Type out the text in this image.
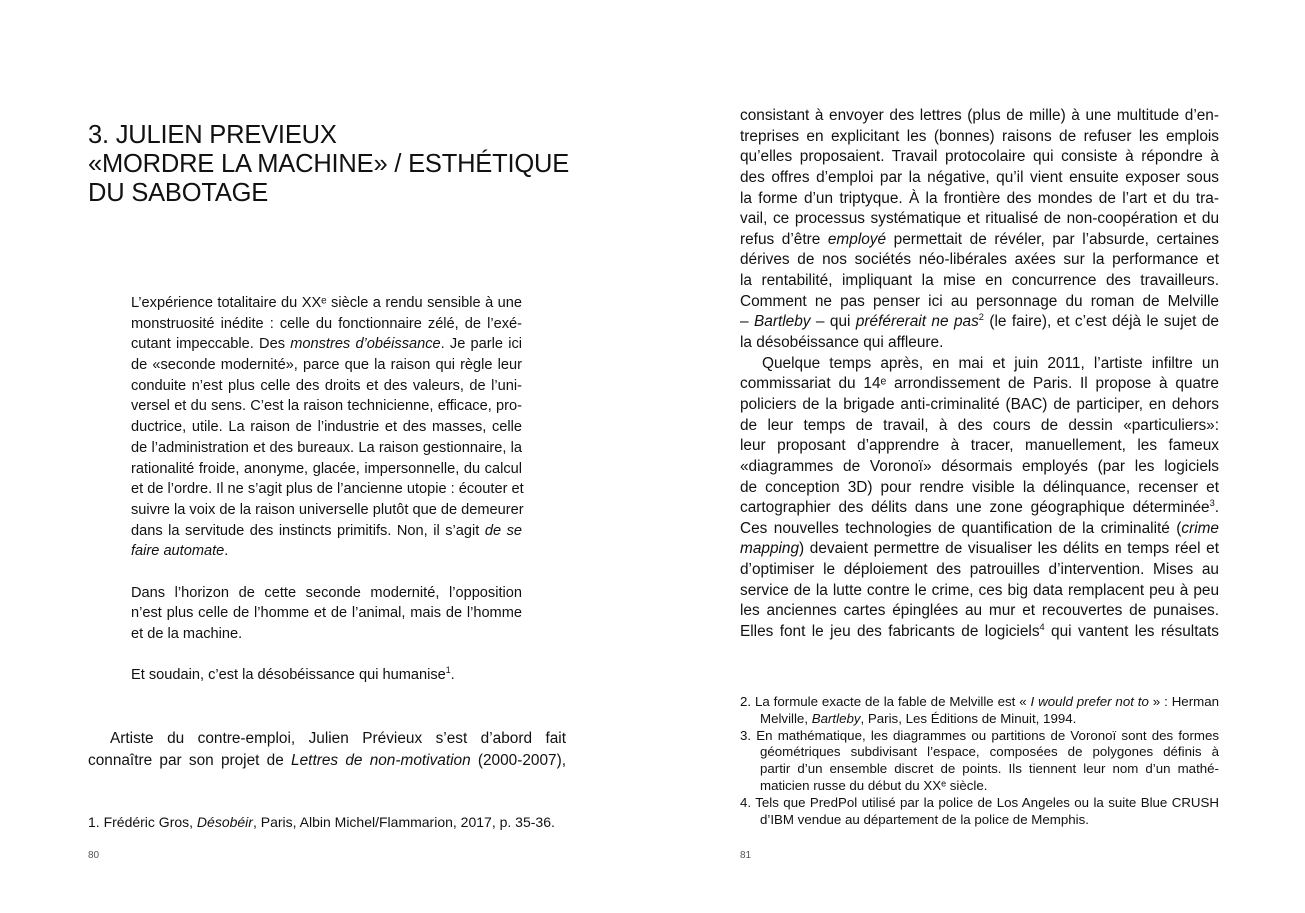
3. JULIEN PREVIEUX
«MORDRE LA MACHINE» / ESTHÉTIQUE
DU SABOTAGE
L’expérience totalitaire du XXᵉ siècle a rendu sensible à une
monstruosité inédite : celle du fonctionnaire zélé, de l’exé-
cutant impeccable. Des monstres d’obéissance. Je parle ici
de «seconde modernité», parce que la raison qui règle leur
conduite n’est plus celle des droits et des valeurs, de l’uni-
versel et du sens. C’est la raison technicienne, efficace, pro-
ductrice, utile. La raison de l’industrie et des masses, celle
de l’administration et des bureaux. La raison gestionnaire, la
rationalité froide, anonyme, glacée, impersonnelle, du calcul
et de l’ordre. Il ne s’agit plus de l’ancienne utopie : écouter et
suivre la voix de la raison universelle plutôt que de demeurer
dans la servitude des instincts primitifs. Non, il s’agit de se
faire automate.
Dans l’horizon de cette seconde modernité, l’opposition
n’est plus celle de l’homme et de l’animal, mais de l’homme
et de la machine.
Et soudain, c’est la désobéissance qui humanise$^1$.
Artiste du contre-emploi, Julien Prévieux s’est d’abord fait
connaître par son projet de Lettres de non-motivation (2000-2007),
1. Frédéric Gros, Désobéir, Paris, Albin Michel/Flammarion, 2017, p. 35-36.
80
consistant à envoyer des lettres (plus de mille) à une multitude d’en-
treprises en explicitant les (bonnes) raisons de refuser les emplois
qu’elles proposaient. Travail protocolaire qui consiste à répondre à
des offres d’emploi par la négative, qu’il vient ensuite exposer sous
la forme d’un triptyque. À la frontière des mondes de l’art et du tra-
vail, ce processus systématique et ritualisé de non-coopération et du
refus d’être employé permettait de révéler, par l’absurde, certaines
dérives de nos sociétés néo-libérales axées sur la performance et
la rentabilité, impliquant la mise en concurrence des travailleurs.
Comment ne pas penser ici au personnage du roman de Melville
– Bartleby – qui préférerait ne pas$^2$ (le faire), et c’est déjà le sujet de
la désobéissance qui affleure.
Quelque temps après, en mai et juin 2011, l’artiste infiltre un
commissariat du 14ᵉ arrondissement de Paris. Il propose à quatre
policiers de la brigade anti-criminalité (BAC) de participer, en dehors
de leur temps de travail, à des cours de dessin «particuliers»:
leur proposant d’apprendre à tracer, manuellement, les fameux
«diagrammes de Voronoï» désormais employés (par les logiciels
de conception 3D) pour rendre visible la délinquance, recenser et
cartographier des délits dans une zone géographique déterminée$^3$.
Ces nouvelles technologies de quantification de la criminalité (crime
mapping) devaient permettre de visualiser les délits en temps réel et
d’optimiser le déploiement des patrouilles d’intervention. Mises au
service de la lutte contre le crime, ces big data remplacent peu à peu
les anciennes cartes épinglées au mur et recouvertes de punaises.
Elles font le jeu des fabricants de logiciels$^4$ qui vantent les résultats
2. La formule exacte de la fable de Melville est « I would prefer not to » : Herman
Melville, Bartleby, Paris, Les Éditions de Minuit, 1994.
3. En mathématique, les diagrammes ou partitions de Voronoï sont des formes
géométriques subdivisant l’espace, composées de polygones définis à
partir d’un ensemble discret de points. Ils tiennent leur nom d’un mathé-
maticien russe du début du XXᵉ siècle.
4. Tels que PredPol utilisé par la police de Los Angeles ou la suite Blue CRUSH
d’IBM vendue au département de la police de Memphis.
81
